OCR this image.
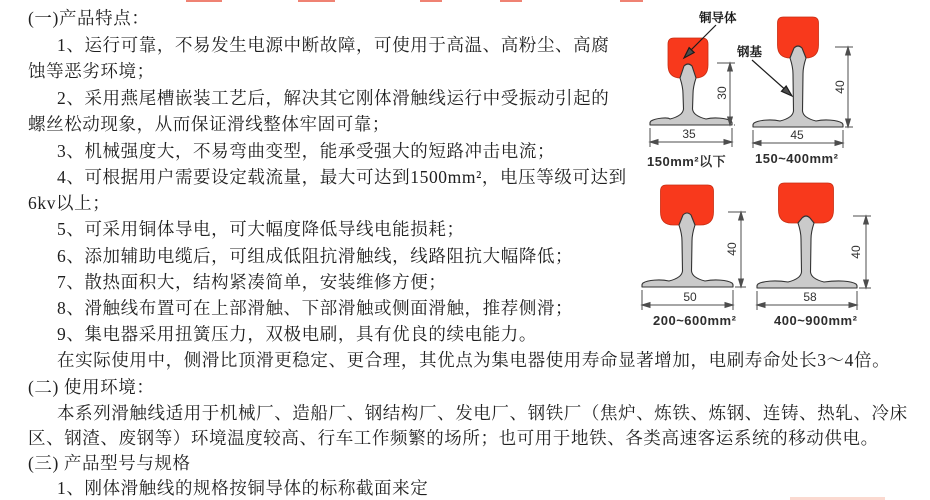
(一)产品特点：
1、运行可靠，不易发生电源中断故障，可使用于高温、高粉尘、高腐
蚀等恶劣环境；
2、采用燕尾槽嵌装工艺后，解决其它刚体滑触线运行中受振动引起的
螺丝松动现象，从而保证滑线整体牢固可靠；
3、机械强度大，不易弯曲变型，能承受强大的短路冲击电流；
4、可根据用户需要设定载流量，最大可达到1500mm²，电压等级可达到
6kv以上；
5、可采用铜体导电，可大幅度降低导线电能损耗；
6、添加辅助电缆后，可组成低阻抗滑触线，线路阻抗大幅降低；
7、散热面积大，结构紧凑简单，安装维修方便；
8、滑触线布置可在上部滑触、下部滑触或侧面滑触，推荐侧滑；
9、集电器采用扭簧压力，双极电刷，具有优良的续电能力。
在实际使用中，侧滑比顶滑更稳定、更合理，其优点为集电器使用寿命显著增加，电刷寿命处长3～4倍。
(二) 使用环境：
本系列滑触线适用于机械厂、造船厂、钢结构厂、发电厂、钢铁厂（焦炉、炼铁、炼钢、连铸、热轧、冷床
区、钢渣、废钢等）环境温度较高、行车工作频繁的场所；也可用于地铁、各类高速客运系统的移动供电。
(三) 产品型号与规格
1、刚体滑触线的规格按铜导体的标称截面来定
铜导体
钢基
30	40
40	40
35	45
50	58
150mm²以下 150~400mm²
200~600mm²	400~900mm²
